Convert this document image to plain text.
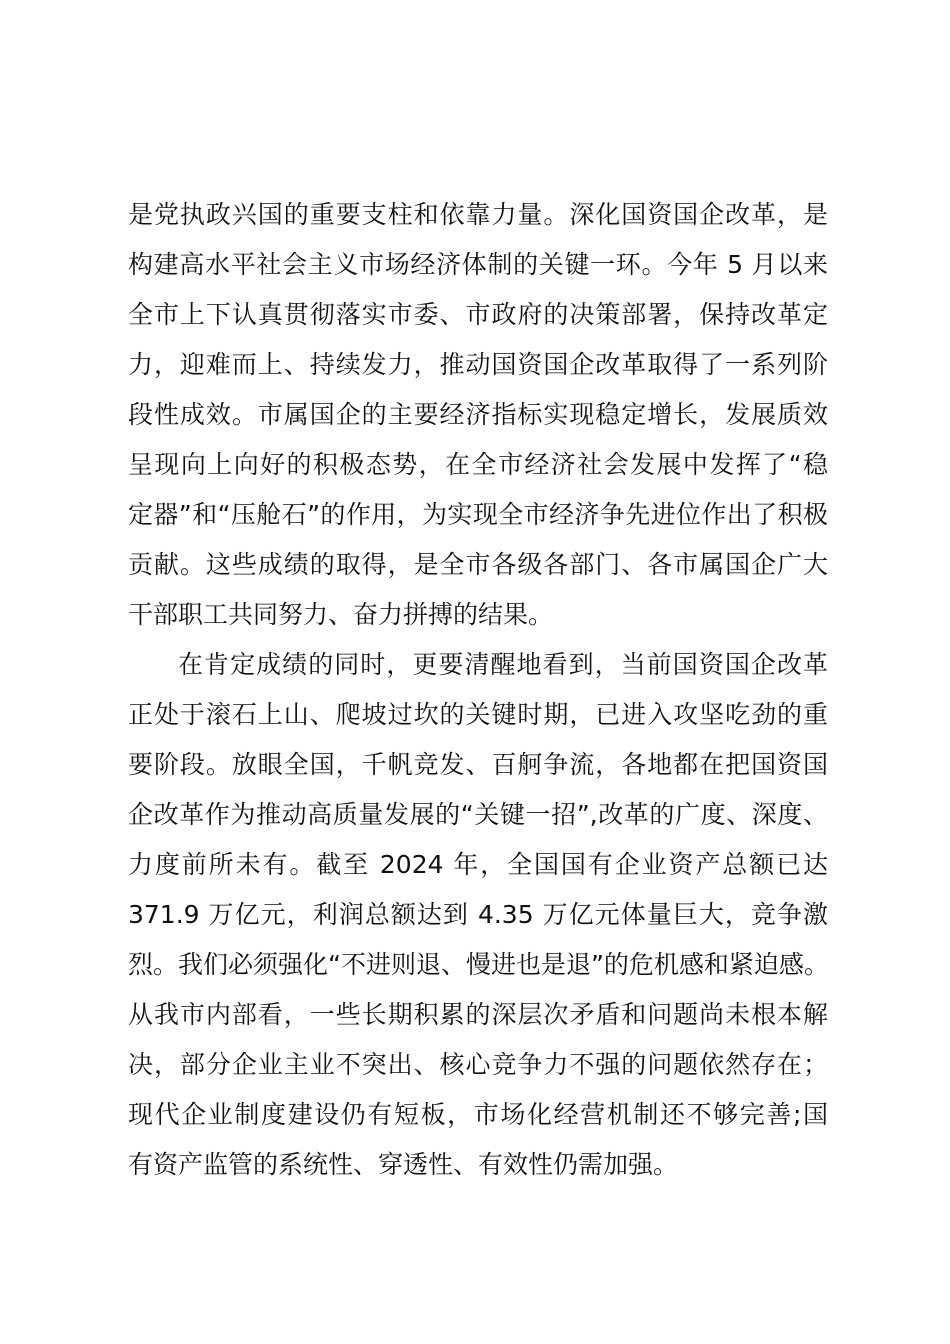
是党执政兴国的重要支柱和依靠力量。深化国资国企改革，是
构建高水平社会主义市场经济体制的关键一环。今年 5 月以来
全市上下认真贯彻落实市委、市政府的决策部署，保持改革定
力，迎难而上、持续发力，推动国资国企改革取得了一系列阶
段性成效。市属国企的主要经济指标实现稳定增长，发展质效
呈现向上向好的积极态势，在全市经济社会发展中发挥了“稳
定器”和“压舱石”的作用，为实现全市经济争先进位作出了积极
贡献。这些成绩的取得，是全市各级各部门、各市属国企广大
干部职工共同努力、奋力拼搏的结果。
在肯定成绩的同时，更要清醒地看到，当前国资国企改革
正处于滚石上山、爬坡过坎的关键时期，已进入攻坚吃劲的重
要阶段。放眼全国，千帆竞发、百舸争流，各地都在把国资国
企改革作为推动高质量发展的“关键一招”,改革的广度、深度、
力度前所未有。截至 2024 年，全国国有企业资产总额已达
371.9 万亿元，利润总额达到 4.35 万亿元体量巨大，竞争激
烈。我们必须强化“不进则退、慢进也是退”的危机感和紧迫感。
从我市内部看，一些长期积累的深层次矛盾和问题尚未根本解
决，部分企业主业不突出、核心竞争力不强的问题依然存在；
现代企业制度建设仍有短板，市场化经营机制还不够完善;国
有资产监管的系统性、穿透性、有效性仍需加强。
